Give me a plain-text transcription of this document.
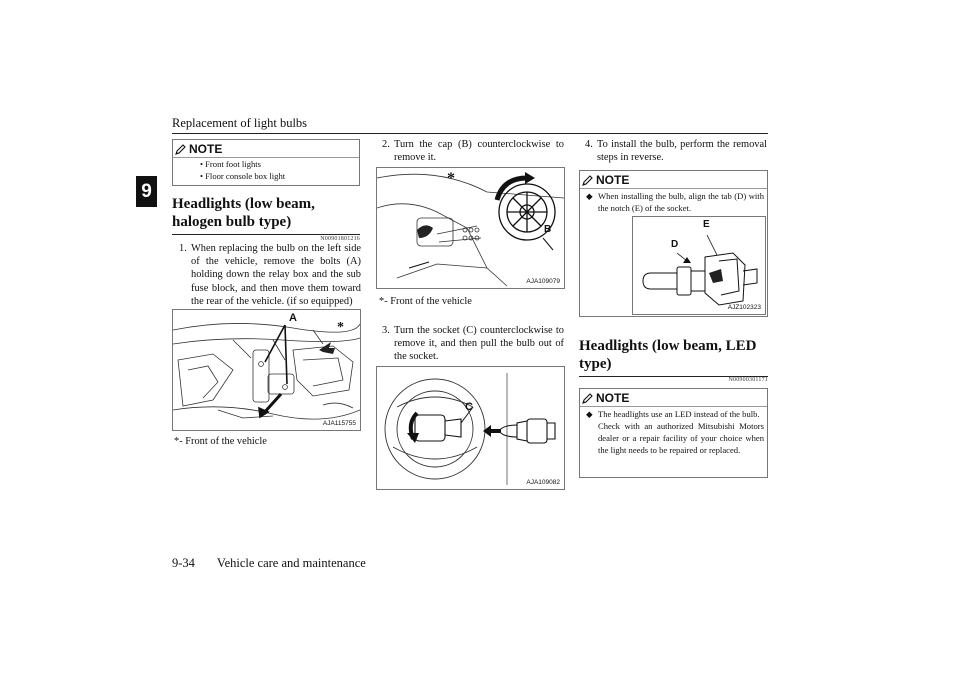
Replacement of light bulbs
9
NOTE
• Front foot lights
• Floor console box light
Headlights (low beam, halogen bulb type)
N00901801216
1. When replacing the bulb on the left side of the vehicle, remove the bolts (A) holding down the relay box and the sub fuse block, and then move them toward the rear of the vehicle. (if so equipped)
A
*
AJA115755
*- Front of the vehicle
2. Turn the cap (B) counterclockwise to remove it.
*
B
AJA109079
*- Front of the vehicle
3. Turn the socket (C) counterclockwise to remove it, and then pull the bulb out of the socket.
C
AJA109082
4. To install the bulb, perform the removal steps in reverse.
NOTE
◆ When installing the bulb, align the tab (D) with the notch (E) of the socket.
D
E
AJZ102323
Headlights (low beam, LED type)
N00900301171
NOTE
◆ The headlights use an LED instead of the bulb.
Check with an authorized Mitsubishi Motors dealer or a repair facility of your choice when the light needs to be repaired or replaced.
9-34 Vehicle care and maintenance
